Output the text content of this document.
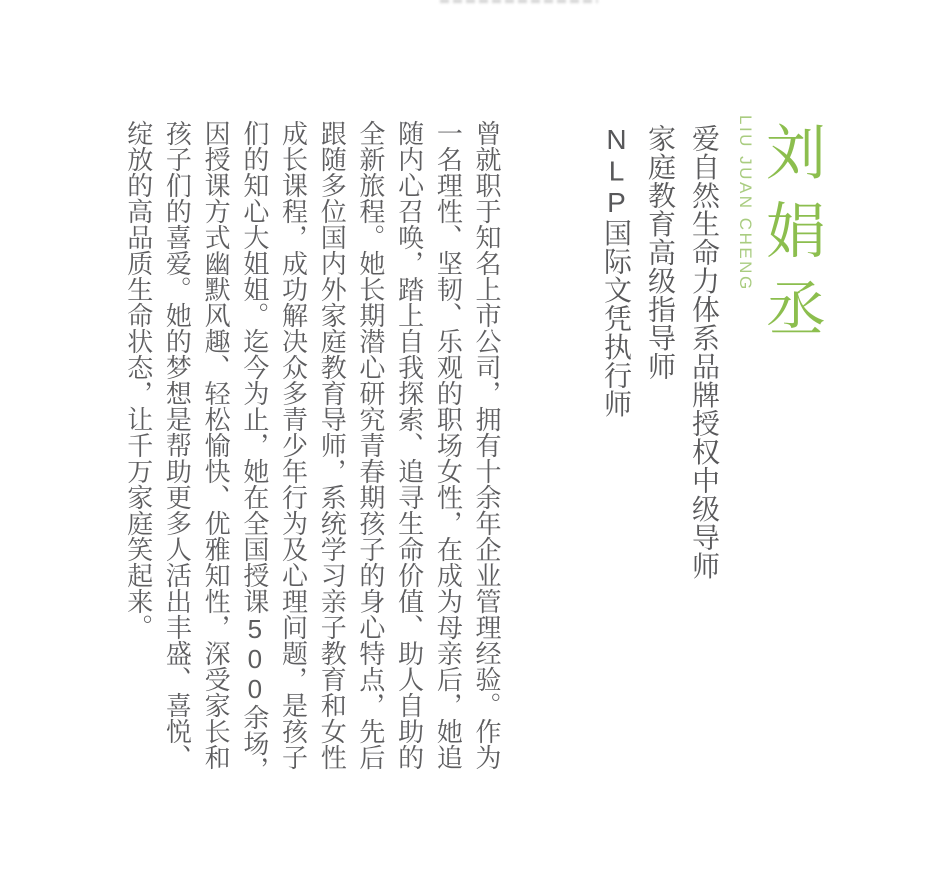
刘娟丞
LIU JUAN CHENG
爱自然生命力体系品牌授权中级导师
家庭教育高级指导师
NLP国际文凭执行师
曾就职于知名上市公司，拥有十余年企业管理经验。作为
一名理性、坚韧、乐观的职场女性，在成为母亲后，她追
随内心召唤，踏上自我探索、追寻生命价值、助人自助的
全新旅程。她长期潜心研究青春期孩子的身心特点，先后
跟随多位国内外家庭教育导师，系统学习亲子教育和女性
成长课程，成功解决众多青少年行为及心理问题，是孩子
们的知心大姐姐。迄今为止，她在全国授课500余场，
因授课方式幽默风趣、轻松愉快、优雅知性，深受家长和
孩子们的喜爱。她的梦想是帮助更多人活出丰盛、喜悦、
绽放的高品质生命状态，让千万家庭笑起来。
